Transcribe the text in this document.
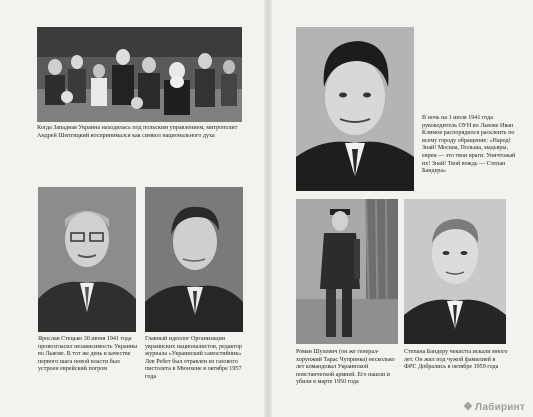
Когда Западная Украина находилась под польским управлением, митрополит Андрей Шептицкий воспринимался как символ национального духа

Ярослав Стецько 30 июня 1941 года провозгласил независимость Украины во Львове. В тот же день в качестве первого шага новой власти был устроен еврейский погром

Главный идеолог Организации украинских националистов, редактор журнала «Украинский самостийник» Лев Ребет был отравлен из газового пистолета в Мюнхене в октябре 1957 года

В ночь на 1 июля 1941 года руководитель ОУН во Львове Иван Климов распорядился расклеить по всему городу обращение: «Народ! Знай! Москва, Польша, мадьяры, евреи — это твои враги. Уничтожай их! Знай! Твой вождь — Степан Бандера»

Роман Шухевич (он же генерал-хорунжий Тарас Чупринка) несколько лет командовал Украинской повстанческой армией. Его нашли и убили в марте 1950 года

Степана Бандеру чекисты искали много лет. Он жил под чужой фамилией в ФРГ. Добрались в октябре 1959 года

❖ Лабиринт
